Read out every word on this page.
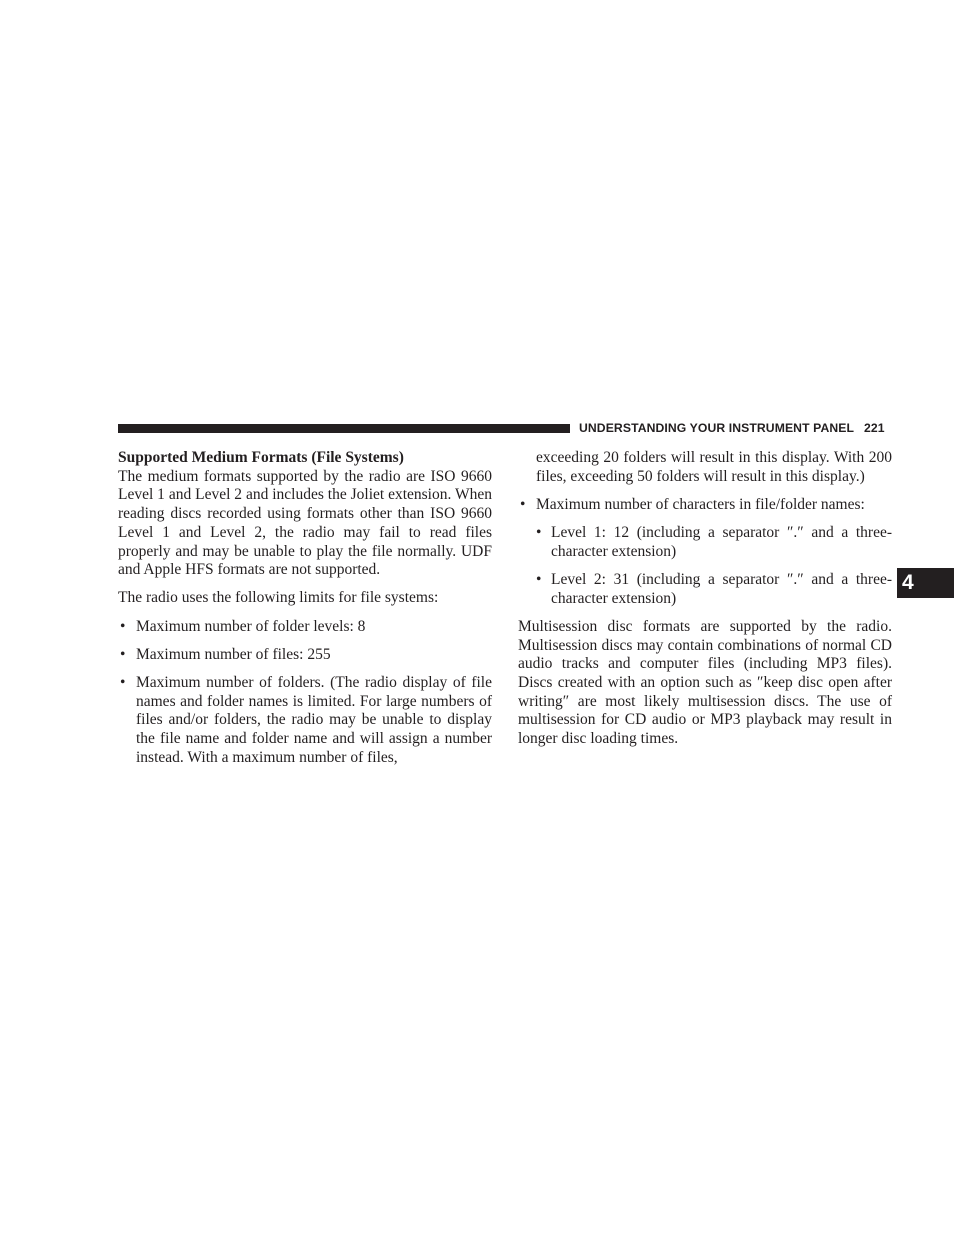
UNDERSTANDING YOUR INSTRUMENT PANEL 221
4

Supported Medium Formats (File Systems)

The medium formats supported by the radio are ISO 9660 Level 1 and Level 2 and includes the Joliet extension. When reading discs recorded using formats other than ISO 9660 Level 1 and Level 2, the radio may fail to read files properly and may be unable to play the file normally. UDF and Apple HFS formats are not supported.

The radio uses the following limits for file systems:

• Maximum number of folder levels: 8
• Maximum number of files: 255
• Maximum number of folders. (The radio display of file names and folder names is limited. For large numbers of files and/or folders, the radio may be unable to display the file name and folder name and will assign a number instead. With a maximum number of files,

exceeding 20 folders will result in this display. With 200 files, exceeding 50 folders will result in this display.)

• Maximum number of characters in file/folder names:
• Level 1: 12 (including a separator ″.″ and a three-character extension)
• Level 2: 31 (including a separator ″.″ and a three-character extension)

Multisession disc formats are supported by the radio. Multisession discs may contain combinations of normal CD audio tracks and computer files (including MP3 files). Discs created with an option such as ″keep disc open after writing″ are most likely multisession discs. The use of multisession for CD audio or MP3 playback may result in longer disc loading times.
